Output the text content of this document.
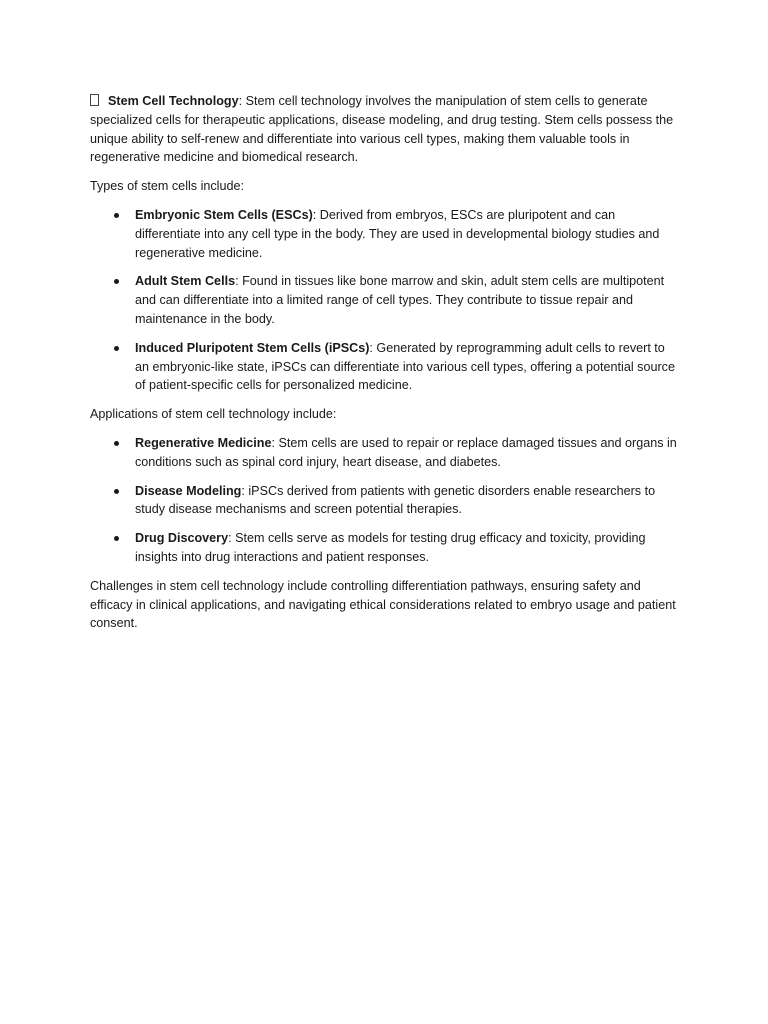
Stem Cell Technology: Stem cell technology involves the manipulation of stem cells to generate specialized cells for therapeutic applications, disease modeling, and drug testing. Stem cells possess the unique ability to self-renew and differentiate into various cell types, making them valuable tools in regenerative medicine and biomedical research.

Types of stem cells include:

Embryonic Stem Cells (ESCs): Derived from embryos, ESCs are pluripotent and can differentiate into any cell type in the body. They are used in developmental biology studies and regenerative medicine.
Adult Stem Cells: Found in tissues like bone marrow and skin, adult stem cells are multipotent and can differentiate into a limited range of cell types. They contribute to tissue repair and maintenance in the body.
Induced Pluripotent Stem Cells (iPSCs): Generated by reprogramming adult cells to revert to an embryonic-like state, iPSCs can differentiate into various cell types, offering a potential source of patient-specific cells for personalized medicine.

Applications of stem cell technology include:

Regenerative Medicine: Stem cells are used to repair or replace damaged tissues and organs in conditions such as spinal cord injury, heart disease, and diabetes.
Disease Modeling: iPSCs derived from patients with genetic disorders enable researchers to study disease mechanisms and screen potential therapies.
Drug Discovery: Stem cells serve as models for testing drug efficacy and toxicity, providing insights into drug interactions and patient responses.

Challenges in stem cell technology include controlling differentiation pathways, ensuring safety and efficacy in clinical applications, and navigating ethical considerations related to embryo usage and patient consent.
